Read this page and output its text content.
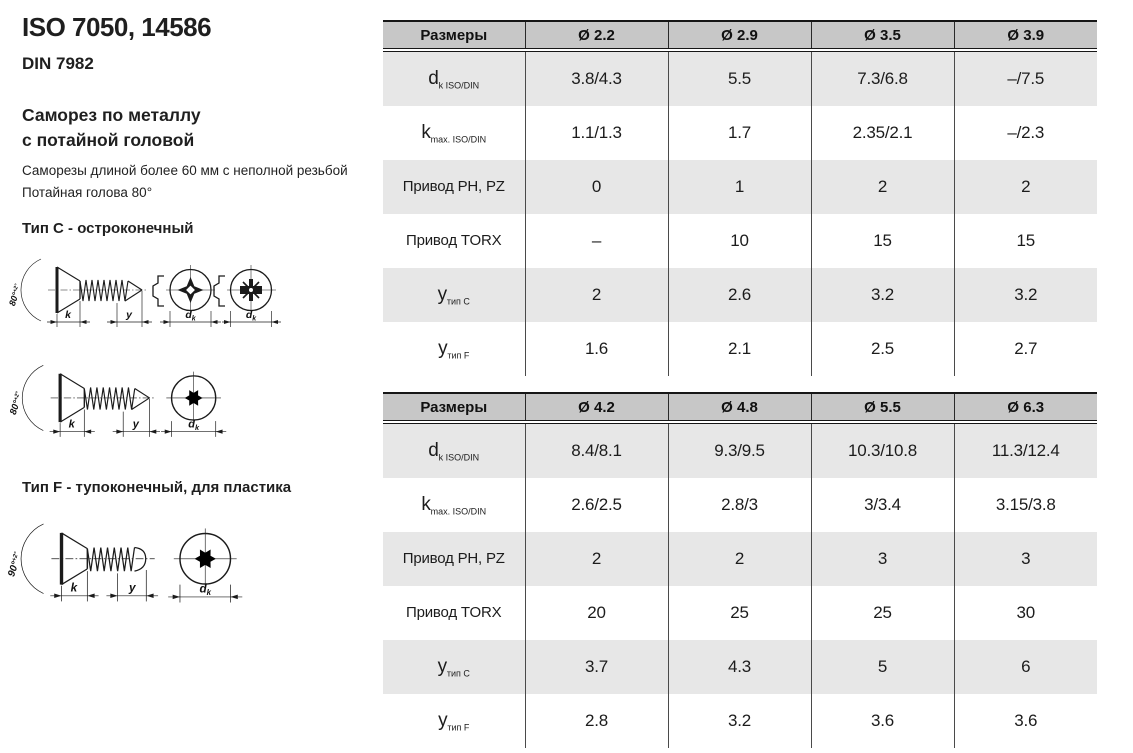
ISO 7050, 14586
DIN 7982
Саморез по металлу
с потайной головой
Саморезы длиной более 60 мм с неполной резьбой
Потайная голова 80°
Тип C - остроконечный
Тип F - тупоконечный, для пластика
80°$^{+2^\circ}$
k	y	$d_k$	$d_k$
80°$^{+2^\circ}$
k	y	$d_k$
90°$^{+2^\circ}$
k	y	$d_k$
Размеры	Ø 2.2	Ø 2.9	Ø 3.5	Ø 3.9
$d_{k ISO/DIN}$	3.8/4.3	5.5	7.3/6.8	–/7.5
$k_{max. ISO/DIN}$	1.1/1.3	1.7	2.35/2.1	–/2.3
Привод PH, PZ	0	1	2	2
Привод TORX	–	10	15	15
$y_{тип C}$	2	2.6	3.2	3.2
$y_{тип F}$	1.6	2.1	2.5	2.7
Размеры	Ø 4.2	Ø 4.8	Ø 5.5	Ø 6.3
$d_{k ISO/DIN}$	8.4/8.1	9.3/9.5	10.3/10.8	11.3/12.4
$k_{max. ISO/DIN}$	2.6/2.5	2.8/3	3/3.4	3.15/3.8
Привод PH, PZ	2	2	3	3
Привод TORX	20	25	25	30
$y_{тип C}$	3.7	4.3	5	6
$y_{тип F}$	2.8	3.2	3.6	3.6
